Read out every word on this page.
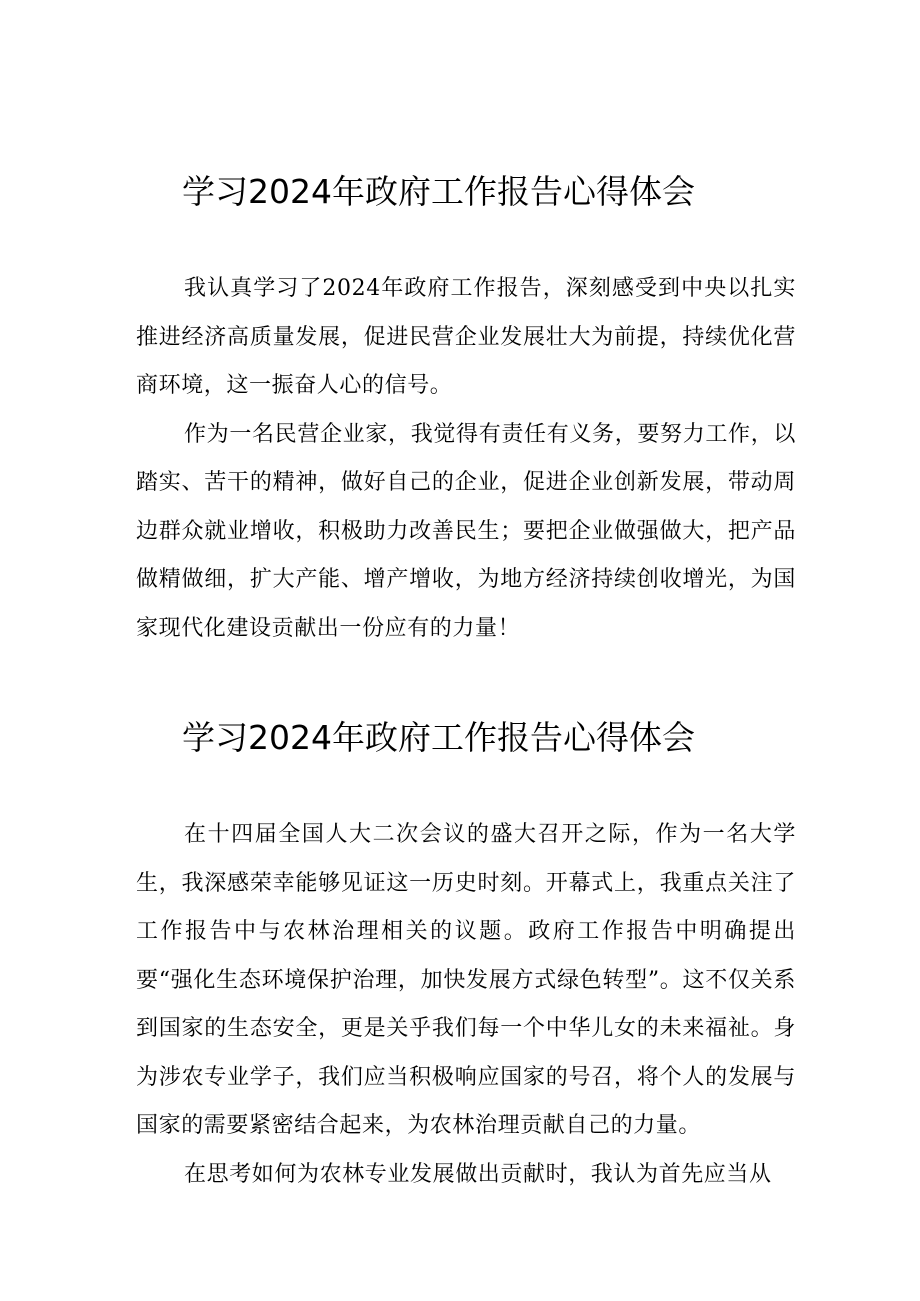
学习2024年政府工作报告心得体会

我认真学习了2024年政府工作报告，深刻感受到中央以扎实推进经济高质量发展，促进民营企业发展壮大为前提，持续优化营商环境，这一振奋人心的信号。

作为一名民营企业家，我觉得有责任有义务，要努力工作，以踏实、苦干的精神，做好自己的企业，促进企业创新发展，带动周边群众就业增收，积极助力改善民生；要把企业做强做大，把产品做精做细，扩大产能、增产增收，为地方经济持续创收增光，为国家现代化建设贡献出一份应有的力量！

学习2024年政府工作报告心得体会

在十四届全国人大二次会议的盛大召开之际，作为一名大学生，我深感荣幸能够见证这一历史时刻。开幕式上，我重点关注了工作报告中与农林治理相关的议题。政府工作报告中明确提出要“强化生态环境保护治理，加快发展方式绿色转型”。这不仅关系到国家的生态安全，更是关乎我们每一个中华儿女的未来福祉。身为涉农专业学子，我们应当积极响应国家的号召，将个人的发展与国家的需要紧密结合起来，为农林治理贡献自己的力量。

在思考如何为农林专业发展做出贡献时，我认为首先应当从
